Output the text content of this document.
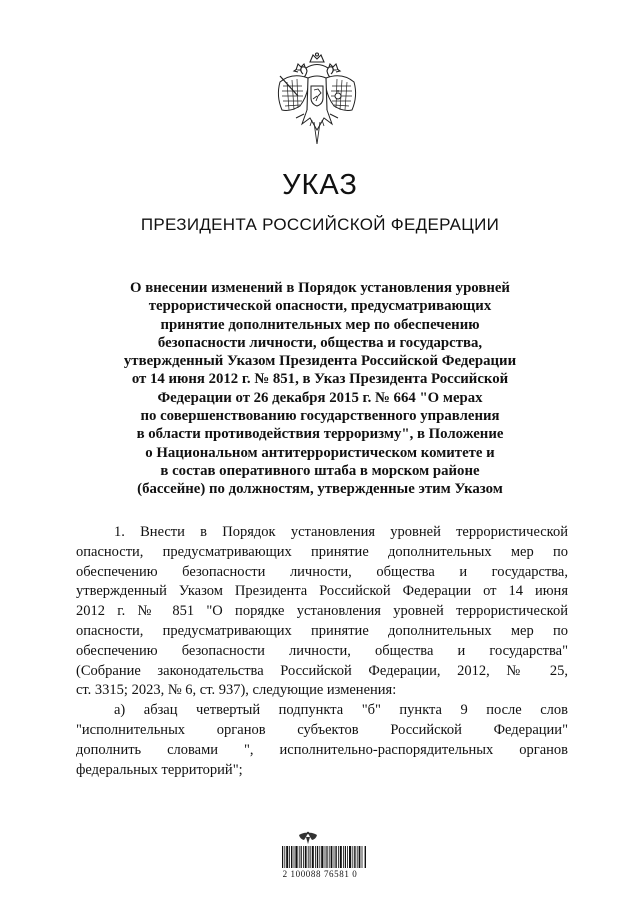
УКАЗ
ПРЕЗИДЕНТА РОССИЙСКОЙ ФЕДЕРАЦИИ
О внесении изменений в Порядок установления уровней
террористической опасности, предусматривающих
принятие дополнительных мер по обеспечению
безопасности личности, общества и государства,
утвержденный Указом Президента Российской Федерации
от 14 июня 2012 г. № 851, в Указ Президента Российской
Федерации от 26 декабря 2015 г. № 664 "О мерах
по совершенствованию государственного управления
в области противодействия терроризму", в Положение
о Национальном антитеррористическом комитете и
в состав оперативного штаба в морском районе
(бассейне) по должностям, утвержденные этим Указом
1. Внести в Порядок установления уровней террористической
опасности, предусматривающих принятие дополнительных мер по
обеспечению безопасности личности, общества и государства,
утвержденный Указом Президента Российской Федерации от 14 июня
2012 г. № 851 "О порядке установления уровней террористической
опасности, предусматривающих принятие дополнительных мер по
обеспечению безопасности личности, общества и государства"
(Собрание законодательства Российской Федерации, 2012, № 25,
ст. 3315; 2023, № 6, ст. 937), следующие изменения:
а) абзац четвертый подпункта "б" пункта 9 после слов
"исполнительных органов субъектов Российской Федерации"
дополнить словами ", исполнительно-распорядительных органов
федеральных территорий";
2 100088 76581 0
